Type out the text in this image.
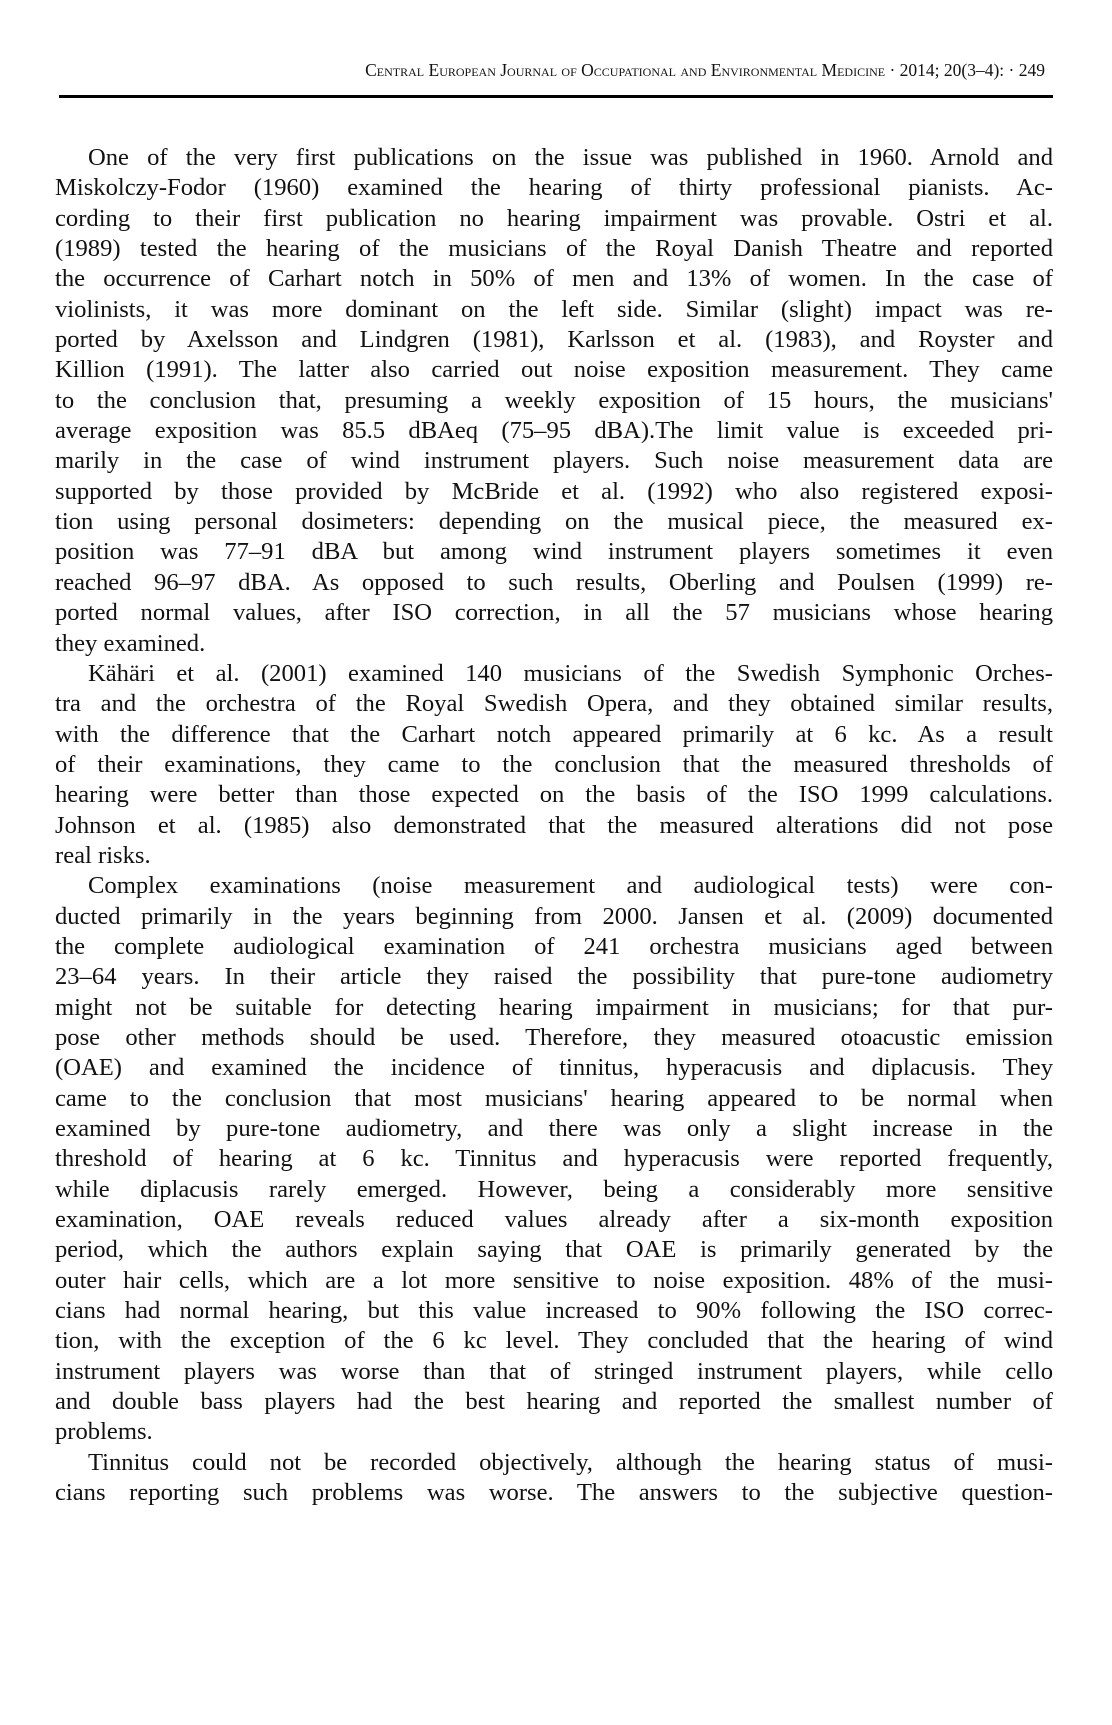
Central European Journal of Occupational and Environmental Medicine · 2014; 20(3–4): · 249
One of the very first publications on the issue was published in 1960. Arnold and
Miskolczy-Fodor (1960) examined the hearing of thirty professional pianists. Ac-
cording to their first publication no hearing impairment was provable. Ostri et al.
(1989) tested the hearing of the musicians of the Royal Danish Theatre and reported
the occurrence of Carhart notch in 50% of men and 13% of women. In the case of
violinists, it was more dominant on the left side. Similar (slight) impact was re-
ported by Axelsson and Lindgren (1981), Karlsson et al. (1983), and Royster and
Killion (1991). The latter also carried out noise exposition measurement. They came
to the conclusion that, presuming a weekly exposition of 15 hours, the musicians'
average exposition was 85.5 dBAeq (75–95 dBA).The limit value is exceeded pri-
marily in the case of wind instrument players. Such noise measurement data are
supported by those provided by McBride et al. (1992) who also registered exposi-
tion using personal dosimeters: depending on the musical piece, the measured ex-
position was 77–91 dBA but among wind instrument players sometimes it even
reached 96–97 dBA. As opposed to such results, Oberling and Poulsen (1999) re-
ported normal values, after ISO correction, in all the 57 musicians whose hearing
they examined.
Kähäri et al. (2001) examined 140 musicians of the Swedish Symphonic Orches-
tra and the orchestra of the Royal Swedish Opera, and they obtained similar results,
with the difference that the Carhart notch appeared primarily at 6 kc. As a result
of their examinations, they came to the conclusion that the measured thresholds of
hearing were better than those expected on the basis of the ISO 1999 calculations.
Johnson et al. (1985) also demonstrated that the measured alterations did not pose
real risks.
Complex examinations (noise measurement and audiological tests) were con-
ducted primarily in the years beginning from 2000. Jansen et al. (2009) documented
the complete audiological examination of 241 orchestra musicians aged between
23–64 years. In their article they raised the possibility that pure-tone audiometry
might not be suitable for detecting hearing impairment in musicians; for that pur-
pose other methods should be used. Therefore, they measured otoacustic emission
(OAE) and examined the incidence of tinnitus, hyperacusis and diplacusis. They
came to the conclusion that most musicians' hearing appeared to be normal when
examined by pure-tone audiometry, and there was only a slight increase in the
threshold of hearing at 6 kc. Tinnitus and hyperacusis were reported frequently,
while diplacusis rarely emerged. However, being a considerably more sensitive
examination, OAE reveals reduced values already after a six-month exposition
period, which the authors explain saying that OAE is primarily generated by the
outer hair cells, which are a lot more sensitive to noise exposition. 48% of the musi-
cians had normal hearing, but this value increased to 90% following the ISO correc-
tion, with the exception of the 6 kc level. They concluded that the hearing of wind
instrument players was worse than that of stringed instrument players, while cello
and double bass players had the best hearing and reported the smallest number of
problems.
Tinnitus could not be recorded objectively, although the hearing status of musi-
cians reporting such problems was worse. The answers to the subjective question-
